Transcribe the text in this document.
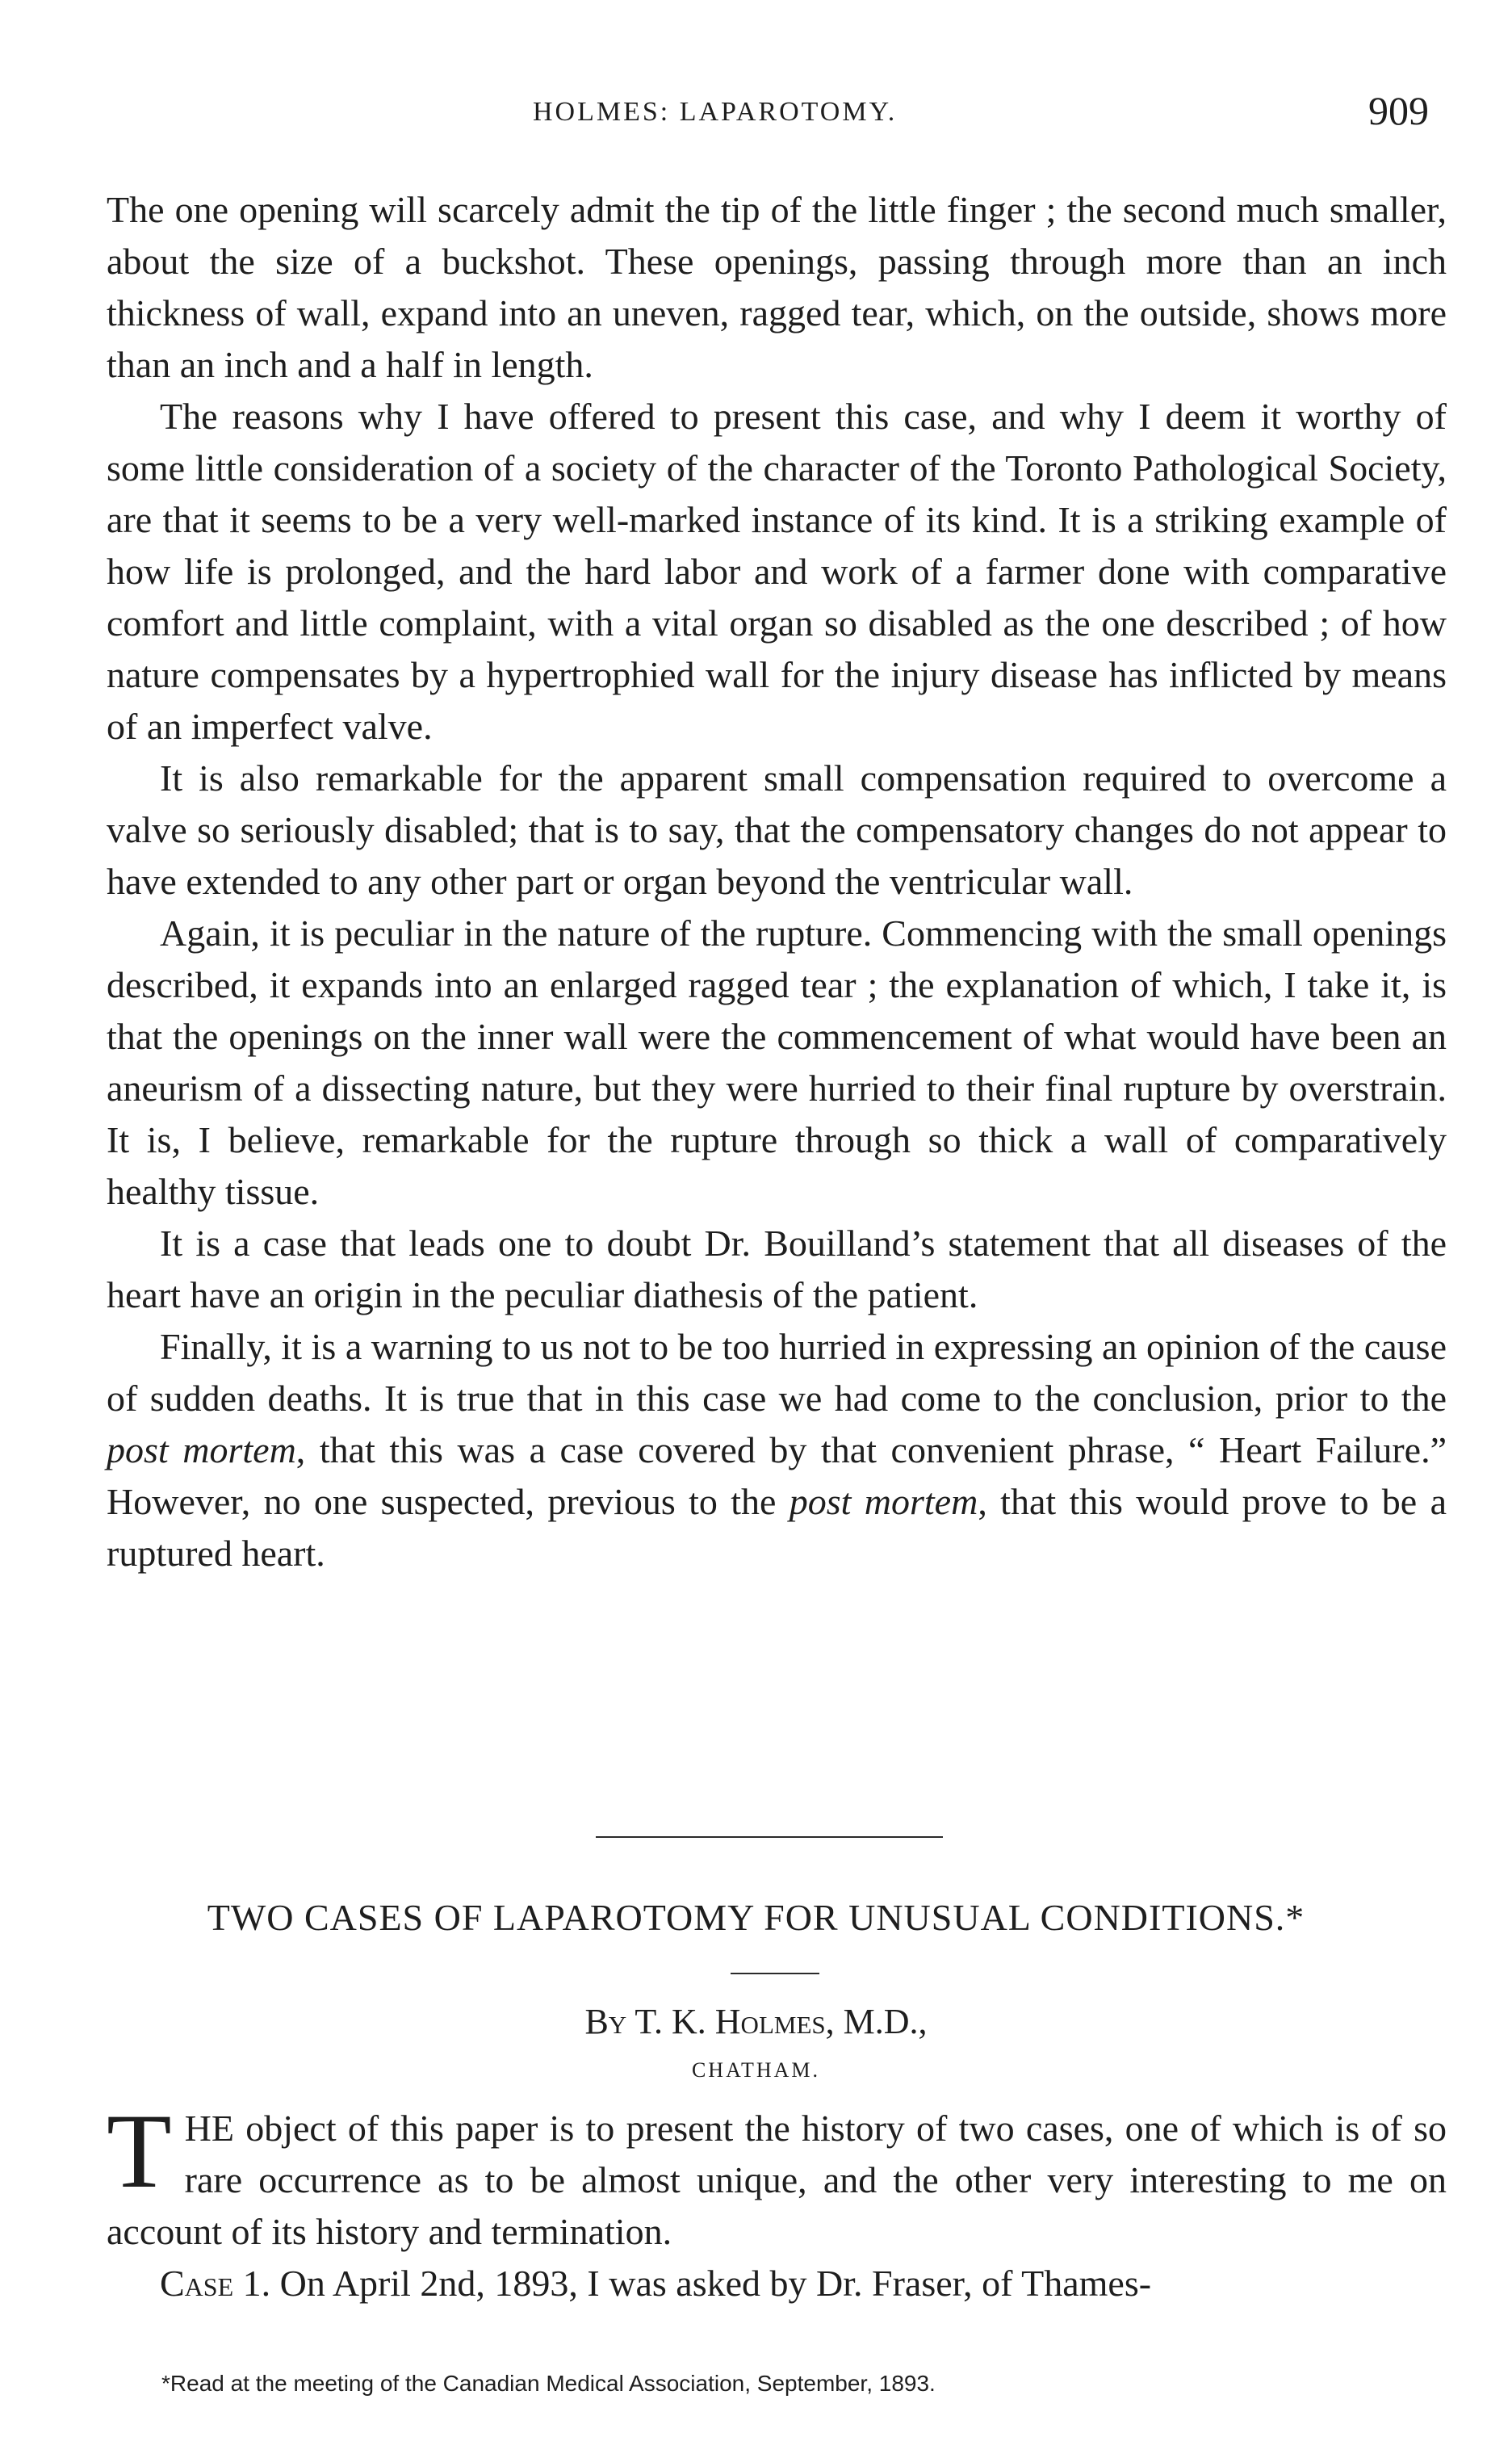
HOLMES: LAPAROTOMY.	909

The one opening will scarcely admit the tip of the little finger ; the second much smaller, about the size of a buckshot. These openings, passing through more than an inch thickness of wall, expand into an uneven, ragged tear, which, on the outside, shows more than an inch and a half in length.

The reasons why I have offered to present this case, and why I deem it worthy of some little consideration of a society of the character of the Toronto Pathological Society, are that it seems to be a very well-marked instance of its kind. It is a striking example of how life is prolonged, and the hard labor and work of a farmer done with comparative comfort and little complaint, with a vital organ so disabled as the one described ; of how nature compensates by a hypertrophied wall for the injury disease has inflicted by means of an imperfect valve.

It is also remarkable for the apparent small compensation required to overcome a valve so seriously disabled; that is to say, that the compensatory changes do not appear to have extended to any other part or organ beyond the ventricular wall.

Again, it is peculiar in the nature of the rupture. Commencing with the small openings described, it expands into an enlarged ragged tear ; the explanation of which, I take it, is that the openings on the inner wall were the commencement of what would have been an aneurism of a dissecting nature, but they were hurried to their final rupture by overstrain. It is, I believe, remarkable for the rupture through so thick a wall of comparatively healthy tissue.

It is a case that leads one to doubt Dr. Bouilland’s statement that all diseases of the heart have an origin in the peculiar diathesis of the patient.

Finally, it is a warning to us not to be too hurried in expressing an opinion of the cause of sudden deaths. It is true that in this case we had come to the conclusion, prior to the post mortem, that this was a case covered by that convenient phrase, “ Heart Failure.” However, no one suspected, previous to the post mortem, that this would prove to be a ruptured heart.

TWO CASES OF LAPAROTOMY FOR UNUSUAL CONDITIONS.*
By T. K. Holmes, M.D.,
CHATHAM.

THE object of this paper is to present the history of two cases, one of which is of so rare occurrence as to be almost unique, and the other very interesting to me on account of its history and termination.

Case 1. On April 2nd, 1893, I was asked by Dr. Fraser, of Thames-

*Read at the meeting of the Canadian Medical Association, September, 1893.
